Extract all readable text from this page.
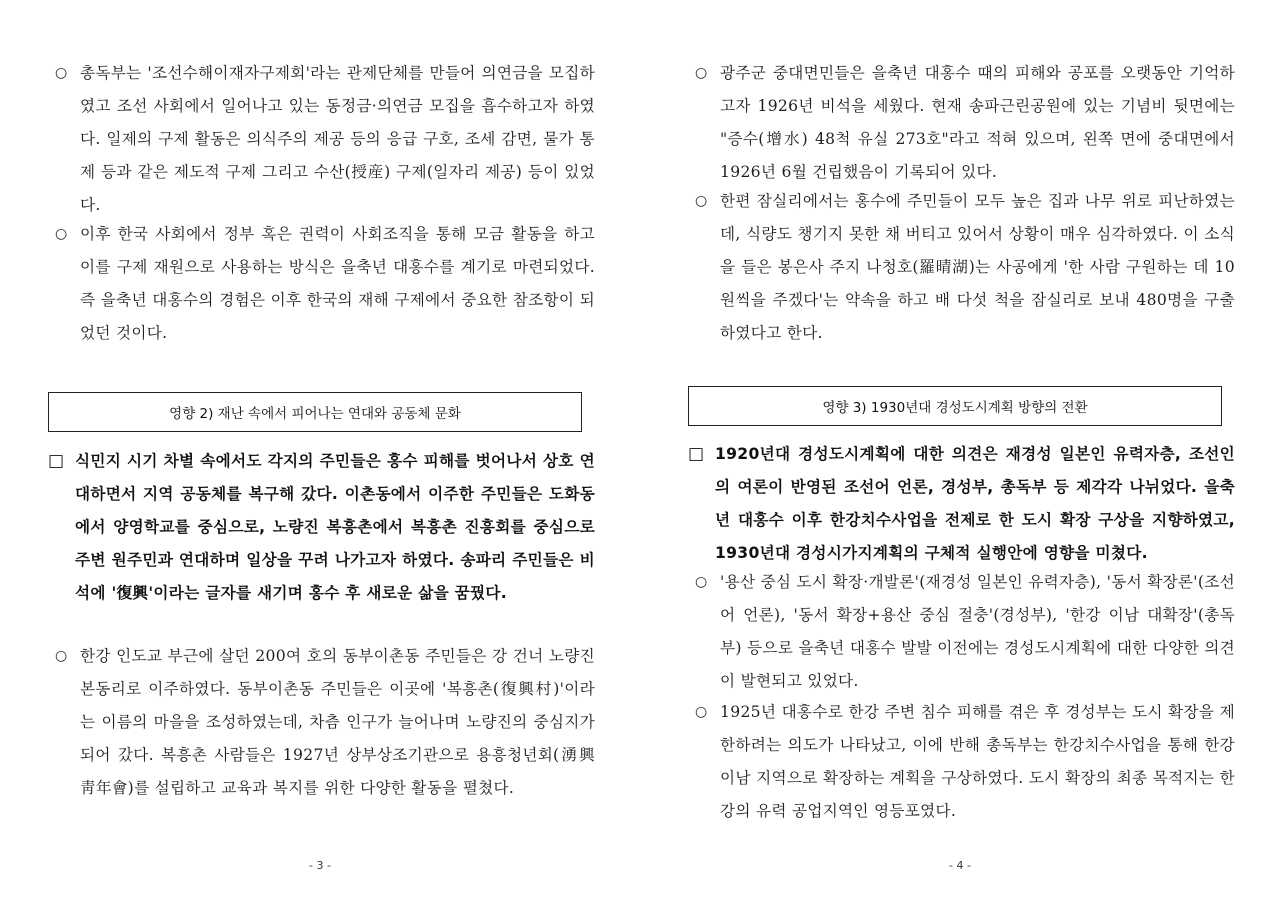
○ 총독부는 '조선수해이재자구제회'라는 관제단체를 만들어 의연금을 모집하였고 조선 사회에서 일어나고 있는 동정금·의연금 모집을 흡수하고자 하였다. 일제의 구제 활동은 의식주의 제공 등의 응급 구호, 조세 감면, 물가 통제 등과 같은 제도적 구제 그리고 수산(授産) 구제(일자리 제공) 등이 있었다.

○ 이후 한국 사회에서 정부 혹은 권력이 사회조직을 통해 모금 활동을 하고 이를 구제 재원으로 사용하는 방식은 을축년 대홍수를 계기로 마련되었다. 즉 을축년 대홍수의 경험은 이후 한국의 재해 구제에서 중요한 참조항이 되었던 것이다.

영향 2) 재난 속에서 피어나는 연대와 공동체 문화

□ 식민지 시기 차별 속에서도 각지의 주민들은 홍수 피해를 벗어나서 상호 연대하면서 지역 공동체를 복구해 갔다. 이촌동에서 이주한 주민들은 도화동에서 양영학교를 중심으로, 노량진 복흥촌에서 복흥촌 진흥회를 중심으로 주변 원주민과 연대하며 일상을 꾸려 나가고자 하였다. 송파리 주민들은 비석에 '復興'이라는 글자를 새기며 홍수 후 새로운 삶을 꿈꿨다.

○ 한강 인도교 부근에 살던 200여 호의 동부이촌동 주민들은 강 건너 노량진 본동리로 이주하였다. 동부이촌동 주민들은 이곳에 '복흥촌(復興村)'이라는 이름의 마을을 조성하였는데, 차츰 인구가 늘어나며 노량진의 중심지가 되어 갔다. 복흥촌 사람들은 1927년 상부상조기관으로 용흥청년회(湧興靑年會)를 설립하고 교육과 복지를 위한 다양한 활동을 펼쳤다.

- 3 -

○ 광주군 중대면민들은 을축년 대홍수 때의 피해와 공포를 오랫동안 기억하고자 1926년 비석을 세웠다. 현재 송파근린공원에 있는 기념비 뒷면에는 "증수(增水) 48척 유실 273호"라고 적혀 있으며, 왼쪽 면에 중대면에서 1926년 6월 건립했음이 기록되어 있다.

○ 한편 잠실리에서는 홍수에 주민들이 모두 높은 집과 나무 위로 피난하였는데, 식량도 챙기지 못한 채 버티고 있어서 상황이 매우 심각하였다. 이 소식을 들은 봉은사 주지 나청호(羅晴湖)는 사공에게 '한 사람 구원하는 데 10원씩을 주겠다'는 약속을 하고 배 다섯 척을 잠실리로 보내 480명을 구출하였다고 한다.

영향 3) 1930년대 경성도시계획 방향의 전환

□ 1920년대 경성도시계획에 대한 의견은 재경성 일본인 유력자층, 조선인의 여론이 반영된 조선어 언론, 경성부, 총독부 등 제각각 나뉘었다. 을축년 대홍수 이후 한강치수사업을 전제로 한 도시 확장 구상을 지향하였고, 1930년대 경성시가지계획의 구체적 실행안에 영향을 미쳤다.

○ '용산 중심 도시 확장·개발론'(재경성 일본인 유력자층), '동서 확장론'(조선어 언론), '동서 확장+용산 중심 절충'(경성부), '한강 이남 대확장'(총독부) 등으로 을축년 대홍수 발발 이전에는 경성도시계획에 대한 다양한 의견이 발현되고 있었다.

○ 1925년 대홍수로 한강 주변 침수 피해를 겪은 후 경성부는 도시 확장을 제한하려는 의도가 나타났고, 이에 반해 총독부는 한강치수사업을 통해 한강 이남 지역으로 확장하는 계획을 구상하였다. 도시 확장의 최종 목적지는 한강의 유력 공업지역인 영등포였다.

- 4 -
